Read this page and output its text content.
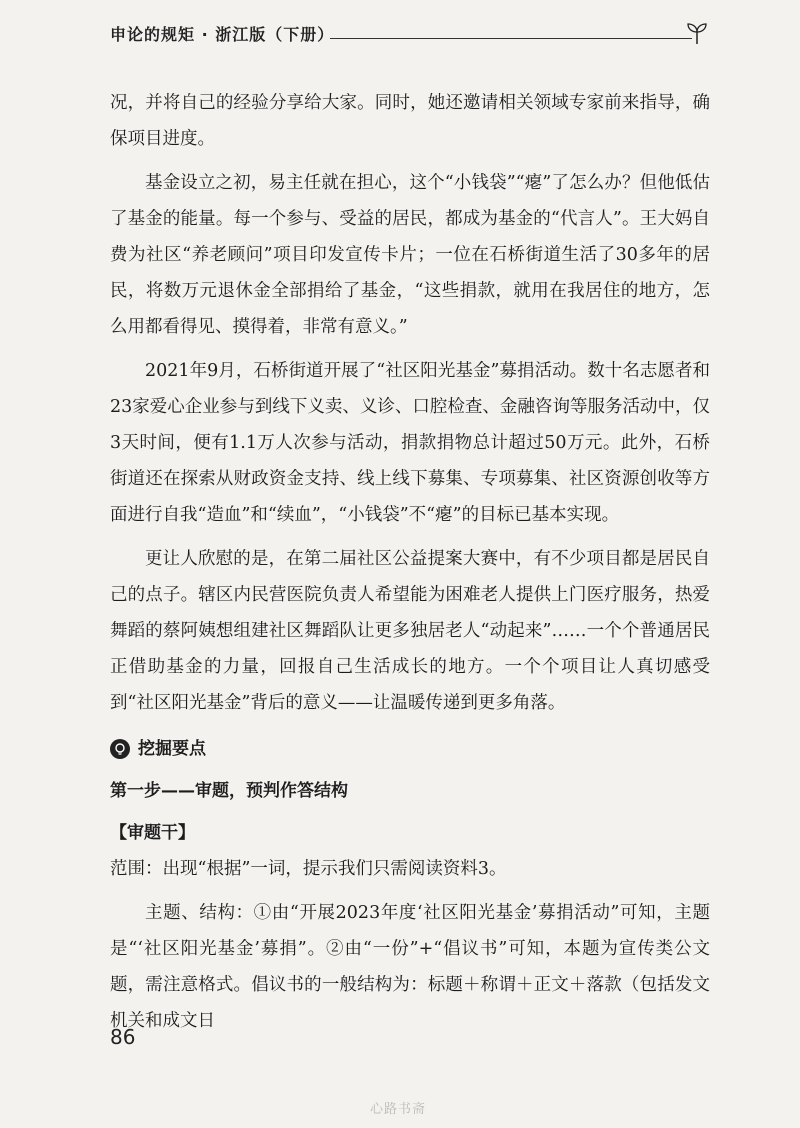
申论的规矩 · 浙江版（下册）

况，并将自己的经验分享给大家。同时，她还邀请相关领域专家前来指导，确保项目进度。

基金设立之初，易主任就在担心，这个“小钱袋”“瘪”了怎么办？但他低估了基金的能量。每一个参与、受益的居民，都成为基金的“代言人”。王大妈自费为社区“养老顾问”项目印发宣传卡片；一位在石桥街道生活了30多年的居民，将数万元退休金全部捐给了基金，“这些捐款，就用在我居住的地方，怎么用都看得见、摸得着，非常有意义。”

2021年9月，石桥街道开展了“社区阳光基金”募捐活动。数十名志愿者和23家爱心企业参与到线下义卖、义诊、口腔检查、金融咨询等服务活动中，仅3天时间，便有1.1万人次参与活动，捐款捐物总计超过50万元。此外，石桥街道还在探索从财政资金支持、线上线下募集、专项募集、社区资源创收等方面进行自我“造血”和“续血”，“小钱袋”不“瘪”的目标已基本实现。

更让人欣慰的是，在第二届社区公益提案大赛中，有不少项目都是居民自己的点子。辖区内民营医院负责人希望能为困难老人提供上门医疗服务，热爱舞蹈的蔡阿姨想组建社区舞蹈队让更多独居老人“动起来”……一个个普通居民正借助基金的力量，回报自己生活成长的地方。一个个项目让人真切感受到“社区阳光基金”背后的意义——让温暖传递到更多角落。

挖掘要点
第一步——审题，预判作答结构
【审题干】

范围：出现“根据”一词，提示我们只需阅读资料3。

主题、结构：①由“开展2023年度‘社区阳光基金’募捐活动”可知，主题是“‘社区阳光基金’募捐”。②由“一份”+“倡议书”可知，本题为宣传类公文题，需注意格式。倡议书的一般结构为：标题＋称谓＋正文＋落款（包括发文机关和成文日

86
心路书斋
